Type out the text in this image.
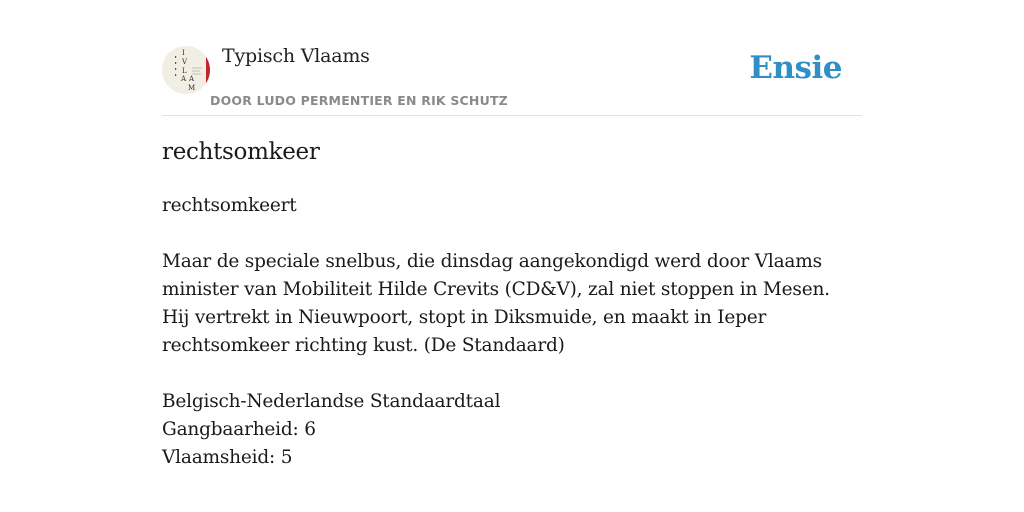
I
V
L
A A
M
Typisch Vlaams
DOOR LUDO PERMENTIER EN RIK SCHUTZ
Ensie
rechtsomkeer

rechtsomkeert

Maar de speciale snelbus, die dinsdag aangekondigd werd door Vlaams minister van Mobiliteit Hilde Crevits (CD&V), zal niet stoppen in Mesen. Hij vertrekt in Nieuwpoort, stopt in Diksmuide, en maakt in Ieper rechtsomkeer richting kust. (De Standaard)

Belgisch-Nederlandse Standaardtaal
Gangbaarheid: 6
Vlaamsheid: 5
